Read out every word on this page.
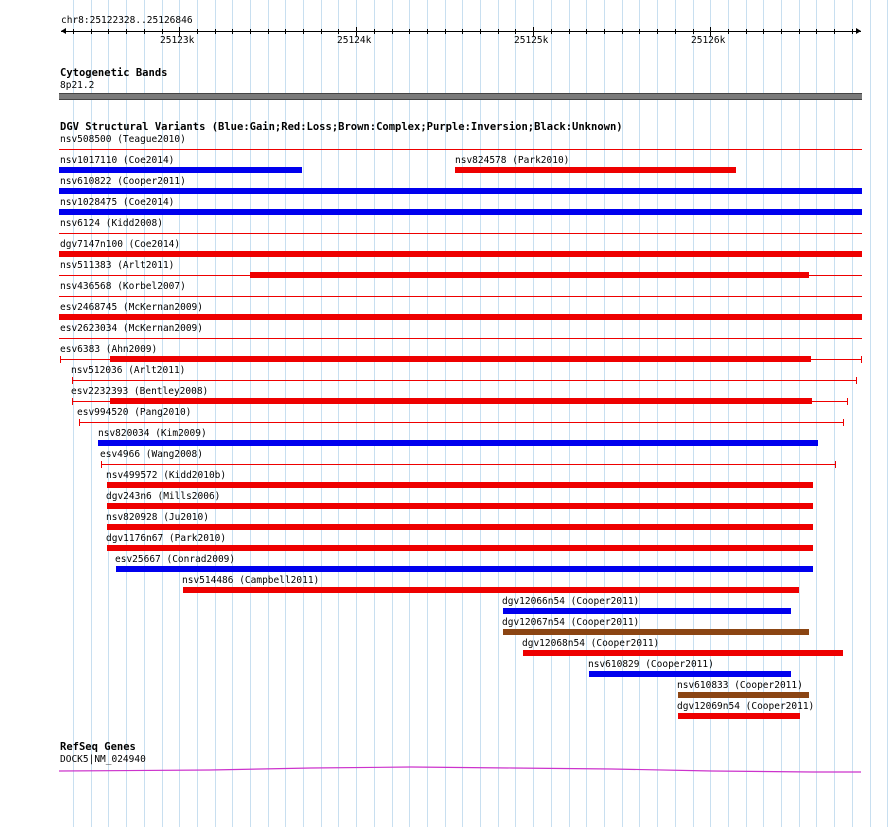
chr8:25122328..25126846
25123k	25124k	25125k	25126k
Cytogenetic Bands
8p21.2
DGV Structural Variants (Blue:Gain;Red:Loss;Brown:Complex;Purple:Inversion;Black:Unknown)
nsv508500 (Teague2010)
nsv1017110 (Coe2014)	nsv824578 (Park2010)
nsv610822 (Cooper2011)
nsv1028475 (Coe2014)
nsv6124 (Kidd2008)
dgv7147n100 (Coe2014)
nsv511383 (Arlt2011)
nsv436568 (Korbel2007)
esv2468745 (McKernan2009)
esv2623034 (McKernan2009)
esv6383 (Ahn2009)
nsv512036 (Arlt2011)
esv2232393 (Bentley2008)
esv994520 (Pang2010)
nsv820034 (Kim2009)
esv4966 (Wang2008)
nsv499572 (Kidd2010b)
dgv243n6 (Mills2006)
nsv820928 (Ju2010)
dgv1176n67 (Park2010)
esv25667 (Conrad2009)
nsv514486 (Campbell2011)
dgv12066n54 (Cooper2011)
dgv12067n54 (Cooper2011)
dgv12068n54 (Cooper2011)
nsv610829 (Cooper2011)
nsv610833 (Cooper2011)
dgv12069n54 (Cooper2011)
RefSeq Genes
DOCK5|NM_024940
